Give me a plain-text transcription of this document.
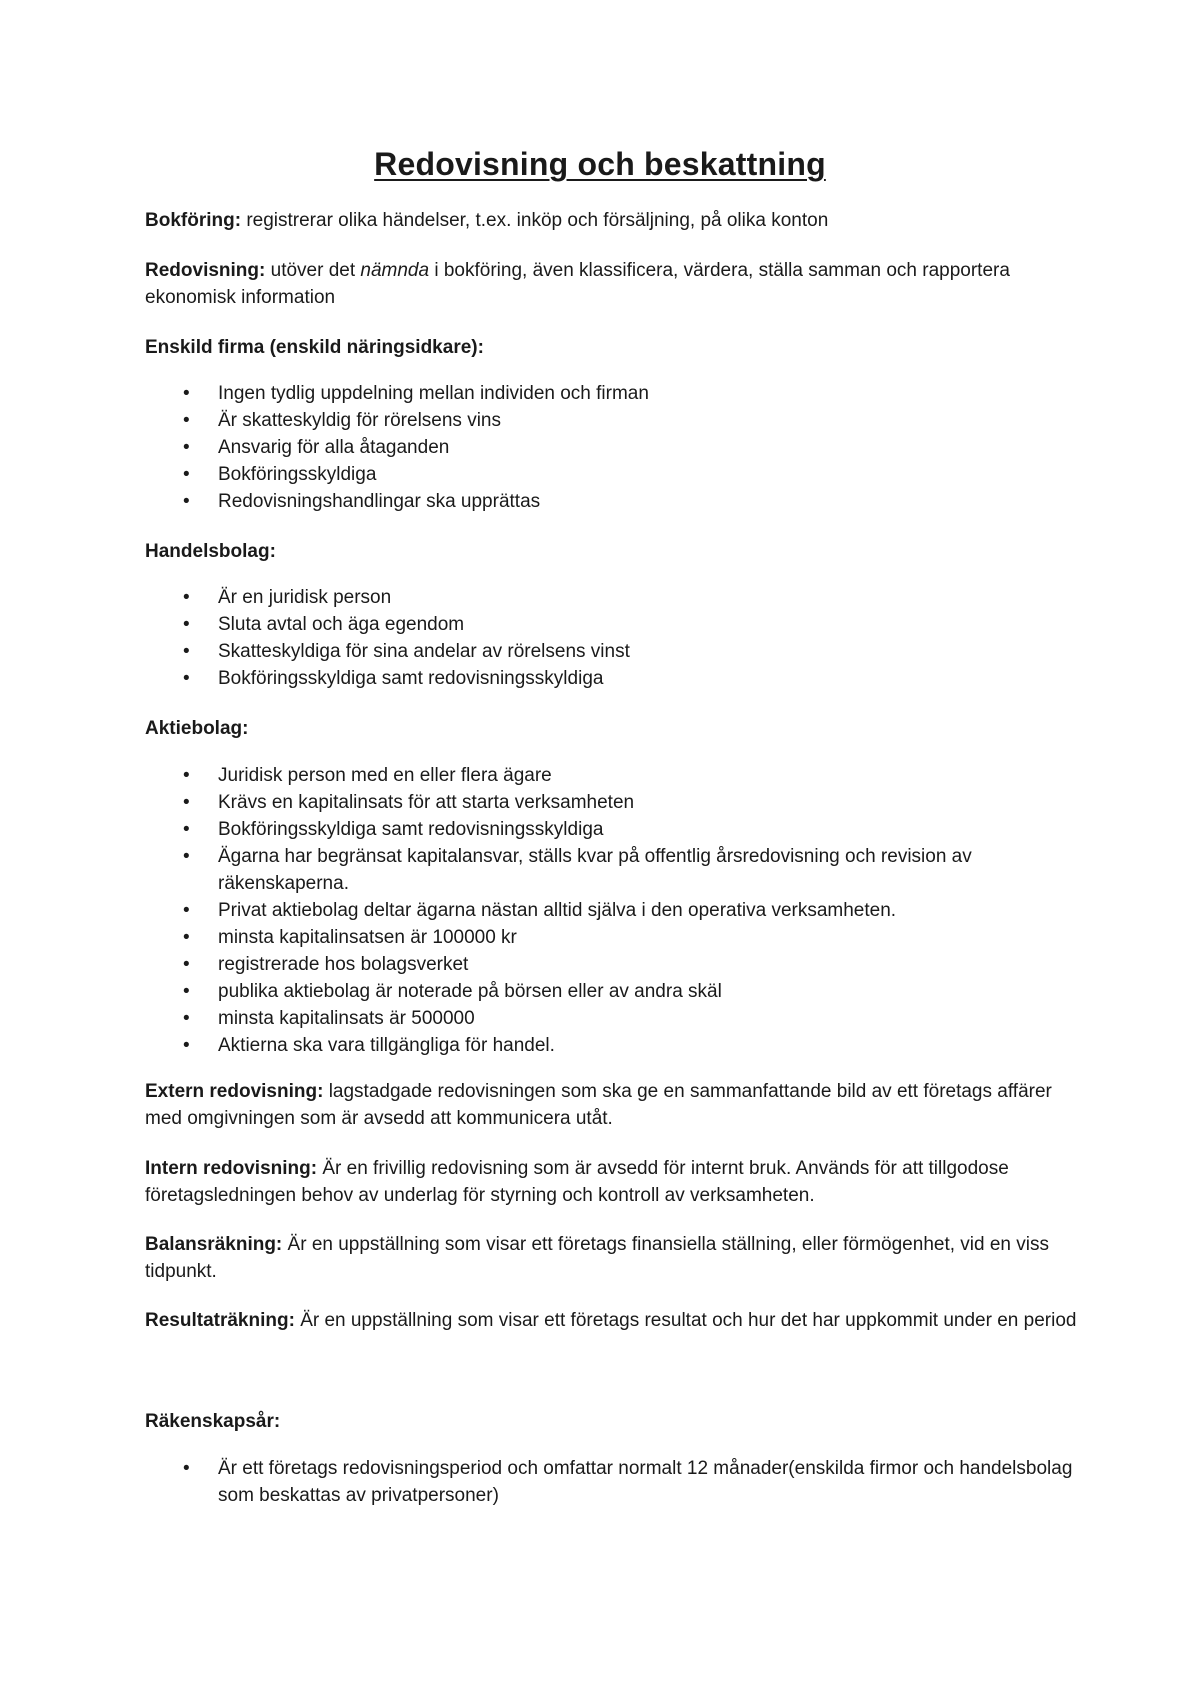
Redovisning och beskattning
Bokföring: registrerar olika händelser, t.ex. inköp och försäljning, på olika konton
Redovisning: utöver det nämnda i bokföring, även klassificera, värdera, ställa samman och rapportera ekonomisk information
Enskild firma (enskild näringsidkare):
• Ingen tydlig uppdelning mellan individen och firman
• Är skatteskyldig för rörelsens vins
• Ansvarig för alla åtaganden
• Bokföringsskyldiga
• Redovisningshandlingar ska upprättas
Handelsbolag:
• Är en juridisk person
• Sluta avtal och äga egendom
• Skatteskyldiga för sina andelar av rörelsens vinst
• Bokföringsskyldiga samt redovisningsskyldiga
Aktiebolag:
• Juridisk person med en eller flera ägare
• Krävs en kapitalinsats för att starta verksamheten
• Bokföringsskyldiga samt redovisningsskyldiga
• Ägarna har begränsat kapitalansvar, ställs kvar på offentlig årsredovisning och revision av räkenskaperna.
• Privat aktiebolag deltar ägarna nästan alltid själva i den operativa verksamheten.
• minsta kapitalinsatsen är 100000 kr
• registrerade hos bolagsverket
• publika aktiebolag är noterade på börsen eller av andra skäl
• minsta kapitalinsats är 500000
• Aktierna ska vara tillgängliga för handel.
Extern redovisning: lagstadgade redovisningen som ska ge en sammanfattande bild av ett företags affärer med omgivningen som är avsedd att kommunicera utåt.
Intern redovisning: Är en frivillig redovisning som är avsedd för internt bruk. Används för att tillgodose företagsledningen behov av underlag för styrning och kontroll av verksamheten.
Balansräkning: Är en uppställning som visar ett företags finansiella ställning, eller förmögenhet, vid en viss tidpunkt.
Resultaträkning: Är en uppställning som visar ett företags resultat och hur det har uppkommit under en period
Räkenskapsår:
• Är ett företags redovisningsperiod och omfattar normalt 12 månader(enskilda firmor och handelsbolag som beskattas av privatpersoner)
